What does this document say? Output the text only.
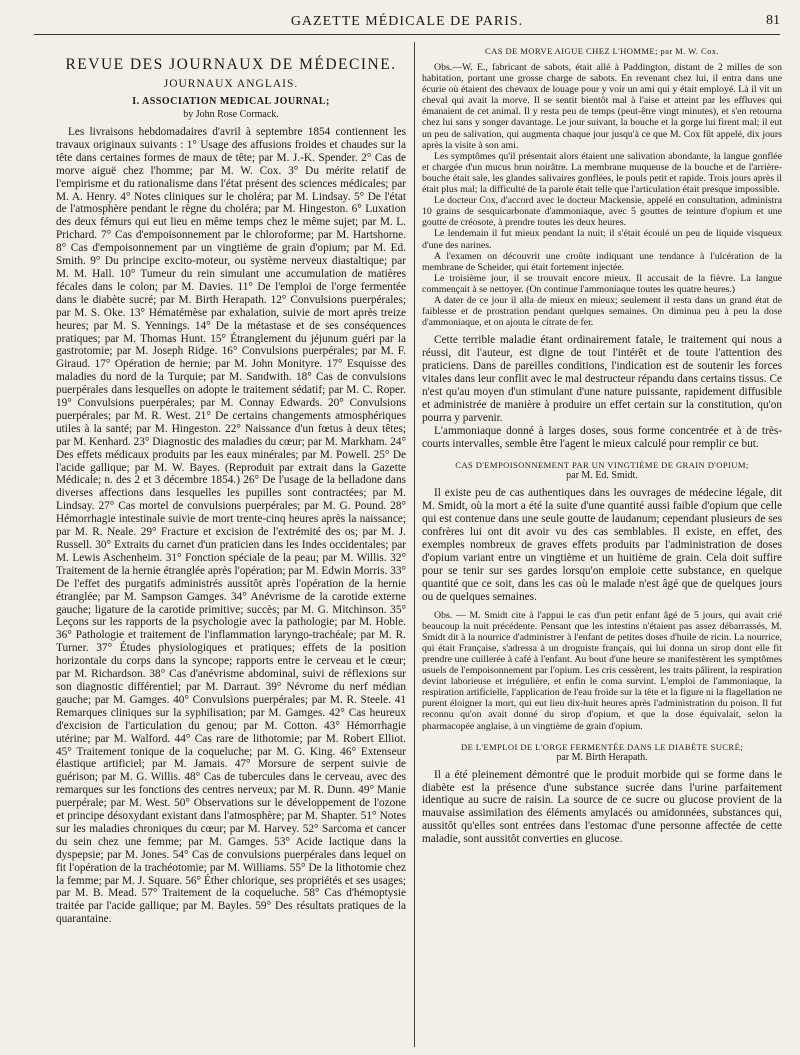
GAZETTE MÉDICALE DE PARIS.	81
REVUE DES JOURNAUX DE MÉDECINE.
JOURNAUX ANGLAIS.
I. ASSOCIATION MEDICAL JOURNAL;
by John Rose Cormack.

Les livraisons hebdomadaires d'avril à septembre 1854 contiennent les travaux originaux suivants : 1° Usage des affusions froides et chaudes sur la tête dans certaines formes de maux de tête; par M. J.-K. Spender. 2° Cas de morve aiguë chez l'homme; par M. W. Cox. 3° Du mérite relatif de l'empirisme et du rationalisme dans l'état présent des sciences médicales; par M. A. Henry. 4° Notes cliniques sur le choléra; par M. Lindsay. 5° De l'état de l'atmosphère pendant le règne du choléra; par M. Hingeston. 6° Luxation des deux fémurs qui eut lieu en même temps chez le même sujet; par M. L. Prichard. 7° Cas d'empoisonnement par le chloroforme; par M. Hartshorne. 8° Cas d'empoisonnement par un vingtième de grain d'opium; par M. Ed. Smith. 9° Du principe excito-moteur, ou système nerveux diastaltique; par M. M. Hall. 10° Tumeur du rein simulant une accumulation de matières fécales dans le colon; par M. Davies. 11° De l'emploi de l'orge fermentée dans le diabète sucré; par M. Birth Herapath. 12° Convulsions puerpérales; par M. S. Oke. 13° Hématémèse par exhalation, suivie de mort après treize heures; par M. S. Yennings. 14° De la métastase et de ses conséquences pratiques; par M. Thomas Hunt. 15° Étranglement du jéjunum guéri par la gastrotomie; par M. Joseph Ridge. 16° Convulsions puerpérales; par M. F. Giraud. 17° Opération de hernie; par M. John Monityre. 17° Esquisse des maladies du nord de la Turquie; par M. Sandwith. 18° Cas de convulsions puerpérales dans lesquelles on adopte le traitement sédatif; par M. C. Roper. 19° Convulsions puerpérales; par M. Connay Edwards. 20° Convulsions puerpérales; par M. R. West. 21° De certains changements atmosphériques utiles à la santé; par M. Hingeston. 22° Naissance d'un fœtus à deux têtes; par M. Kenhard. 23° Diagnostic des maladies du cœur; par M. Markham. 24° Des effets médicaux produits par les eaux minérales; par M. Powell. 25° De l'acide gallique; par M. W. Bayes. (Reproduit par extrait dans la Gazette Médicale; n. des 2 et 3 décembre 1854.) 26° De l'usage de la belladone dans diverses affections dans lesquelles les pupilles sont contractées; par M. Lindsay. 27° Cas mortel de convulsions puerpérales; par M. G. Pound. 28° Hémorrhagie intestinale suivie de mort trente-cinq heures après la naissance; par M. R. Neale. 29° Fracture et excision de l'extrémité des os; par M. J. Russell. 30° Extraits du carnet d'un praticien dans les Indes occidentales; par M. Lewis Aschenheim. 31° Fonction spéciale de la peau; par M. Willis. 32° Traitement de la hernie étranglée après l'opération; par M. Edwin Morris. 33° De l'effet des purgatifs administrés aussitôt après l'opération de la hernie étranglée; par M. Sampson Gamges. 34° Anévrisme de la carotide externe gauche; ligature de la carotide primitive; succès; par M. G. Mitchinson. 35° Leçons sur les rapports de la psychologie avec la pathologie; par M. Hoble. 36° Pathologie et traitement de l'inflammation laryngo-trachéale; par M. R. Turner. 37° Études physiologiques et pratiques; effets de la position horizontale du corps dans la syncope; rapports entre le cerveau et le cœur; par M. Richardson. 38° Cas d'anévrisme abdominal, suivi de réflexions sur son diagnostic différentiel; par M. Darraut. 39° Névrome du nerf médian gauche; par M. Gamges. 40° Convulsions puerpérales; par M. R. Steele. 41 Remarques cliniques sur la syphilisation; par M. Gamges. 42° Cas heureux d'excision de l'articulation du genou; par M. Cotton. 43° Hémorrhagie utérine; par M. Walford. 44° Cas rare de lithotomie; par M. Robert Elliot. 45° Traitement tonique de la coqueluche; par M. G. King. 46° Extenseur élastique artificiel; par M. Jamais. 47° Morsure de serpent suivie de guérison; par M. G. Willis. 48° Cas de tubercules dans le cerveau, avec des remarques sur les fonctions des centres nerveux; par M. R. Dunn. 49° Manie puerpérale; par M. West. 50° Observations sur le développement de l'ozone et principe désoxydant existant dans l'atmosphère; par M. Shapter. 51° Notes sur les maladies chroniques du cœur; par M. Harvey. 52° Sarcoma et cancer du sein chez une femme; par M. Gamges. 53° Acide lactique dans la dyspepsie; par M. Jones. 54° Cas de convulsions puerpérales dans lequel on fit l'opération de la trachéotomie; par M. Williams. 55° De la lithotomie chez la femme; par M. J. Square. 56° Éther chlorique, ses propriétés et ses usages; par M. B. Mead. 57° Traitement de la coqueluche. 58° Cas d'hémoptysie traitée par l'acide gallique; par M. Bayles. 59° Des résultats pratiques de la quarantaine.

CAS DE MORVE AIGUE CHEZ L'HOMME; par M. W. Cox.

Obs.—W. E., fabricant de sabots, était allé à Paddington, distant de 2 milles de son habitation, portant une grosse charge de sabots. En revenant chez lui, il entra dans une écurie où étaient des chevaux de louage pour y voir un ami qui y était employé. Là il vit un cheval qui avait la morve. Il se sentit bientôt mal à l'aise et atteint par les effluves qui émanaient de cet animal. Il y resta peu de temps (peut-être vingt minutes), et s'en retourna chez lui sans y songer davantage. Le jour suivant, la bouche et la gorge lui firent mal; il eut un peu de salivation, qui augmenta chaque jour jusqu'à ce que M. Cox fût appelé, dix jours après la visite à son ami.

Les symptômes qu'il présentait alors étaient une salivation abondante, la langue gonflée et chargée d'un mucus brun noirâtre. La membrane muqueuse de la bouche et de l'arrière-bouche était sale, les glandes salivaires gonflées, le pouls petit et rapide. Trois jours après il était plus mal; la difficulté de la parole était telle que l'articulation était presque impossible.

Le docteur Cox, d'accord avec le docteur Mackensie, appelé en consultation, administra 10 grains de sesquicarbonate d'ammoniaque, avec 5 gouttes de teinture d'opium et une goutte de créosote, à prendre toutes les deux heures.

Le lendemain il fut mieux pendant la nuit; il s'était écoulé un peu de liquide visqueux d'une des narines.

A l'examen on découvrit une croûte indiquant une tendance à l'ulcération de la membrane de Scheider, qui était fortement injectée.

Le troisième jour, il se trouvait encore mieux. Il accusait de la fièvre. La langue commençait à se nettoyer. (On continue l'ammoniaque toutes les quatre heures.)

A dater de ce jour il alla de mieux en mieux; seulement il resta dans un grand état de faiblesse et de prostration pendant quelques semaines. On diminua peu à peu la dose d'ammoniaque, et on ajouta le citrate de fer.

Cette terrible maladie étant ordinairement fatale, le traitement qui nous a réussi, dit l'auteur, est digne de tout l'intérêt et de toute l'attention des praticiens. Dans de pareilles conditions, l'indication est de soutenir les forces vitales dans leur conflit avec le mal destructeur répandu dans certains tissus. Ce n'est qu'au moyen d'un stimulant d'une nature puissante, rapidement diffusible et administrée de manière à produire un effet certain sur la constitution, qu'on pourra y parvenir.

L'ammoniaque donné à larges doses, sous forme concentrée et à de très-courts intervalles, semble être l'agent le mieux calculé pour remplir ce but.

CAS D'EMPOISONNEMENT PAR UN VINGTIÈME DE GRAIN D'OPIUM;
par M. Ed. Smidt.

Il existe peu de cas authentiques dans les ouvrages de médecine légale, dit M. Smidt, où la mort a été la suite d'une quantité aussi faible d'opium que celle qui est contenue dans une seule goutte de laudanum; cependant plusieurs de ses confrères lui ont dit avoir vu des cas semblables. Il existe, en effet, des exemples nombreux de graves effets produits par l'administration de doses d'opium variant entre un vingtième et un huitième de grain. Cela doit suffire pour se tenir sur ses gardes lorsqu'on emploie cette substance, en quelque quantité que ce soit, dans les cas où le malade n'est âgé que de quelques jours ou de quelques semaines.

Obs. — M. Smidt cite à l'appui le cas d'un petit enfant âgé de 5 jours, qui avait crié beaucoup la nuit précédente. Pensant que les intestins n'étaient pas assez débarrassés, M. Smidt dit à la nourrice d'administrer à l'enfant de petites doses d'huile de ricin. La nourrice, qui était Française, s'adressa à un droguiste français, qui lui donna un sirop dont elle fit prendre une cuillerée à café à l'enfant. Au bout d'une heure se manifestèrent les symptômes usuels de l'empoisonnement par l'opium. Les cris cessèrent, les traits pâlirent, la respiration devint laborieuse et irrégulière, et enfin le coma survint. L'emploi de l'ammoniaque, la respiration artificielle, l'application de l'eau froide sur la tête et la figure ni la flagellation ne purent éloigner la mort, qui eut lieu dix-huit heures après l'administration du poison. Il fut reconnu qu'on avait donné du sirop d'opium, et que la dose équivalait, selon la pharmacopée anglaise, à un vingtième de grain d'opium.

DE L'EMPLOI DE L'ORGE FERMENTÉE DANS LE DIABÈTE SUCRÉ;
par M. Birth Herapath.

Il a été pleinement démontré que le produit morbide qui se forme dans le diabète est la présence d'une substance sucrée dans l'urine parfaitement identique au sucre de raisin. La source de ce sucre ou glucose provient de la mauvaise assimilation des éléments amylacés ou amidonnées, substances qui, aussitôt qu'elles sont entrées dans l'estomac d'une personne affectée de cette maladie, sont aussitôt converties en glucose.
